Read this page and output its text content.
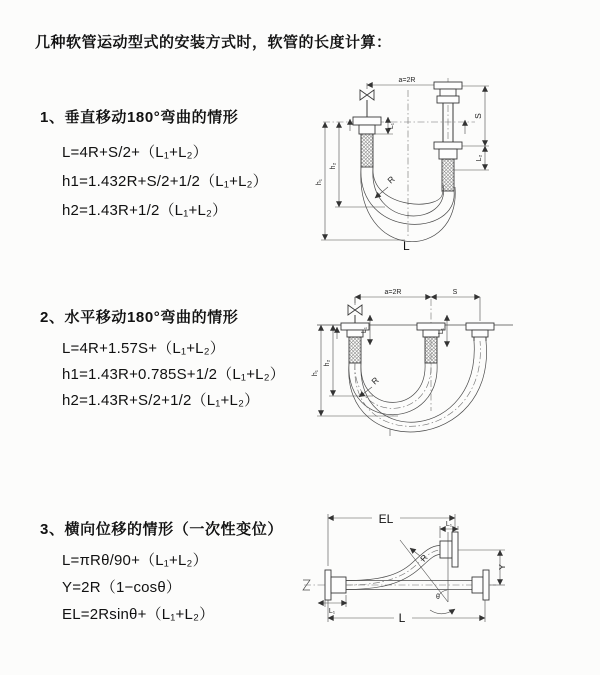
几种软管运动型式的安装方式时，软管的长度计算：
1、垂直移动180°弯曲的情形
L=4R+S/2+（L₁+L₂）
h1=1.432R+S/2+1/2（L₁+L₂）
h2=1.43R+1/2（L₁+L₂）
2、水平移动180°弯曲的情形
L=4R+1.57S+（L₁+L₂）
h1=1.43R+0.785S+1/2（L₁+L₂）
h2=1.43R+S/2+1/2（L₁+L₂）
3、横向位移的情形（一次性变位）
L=πRθ/90+（L₁+L₂）
Y=2R（1−cosθ）
EL=2Rsinθ+（L₁+L₂）
a=2R
L₁
S
L₂
h₁
h₂
R
L
a=2R	S
L₁	L₁
h₁
h₂
R
EL	L₁
Y
θ
R
L₁	L
